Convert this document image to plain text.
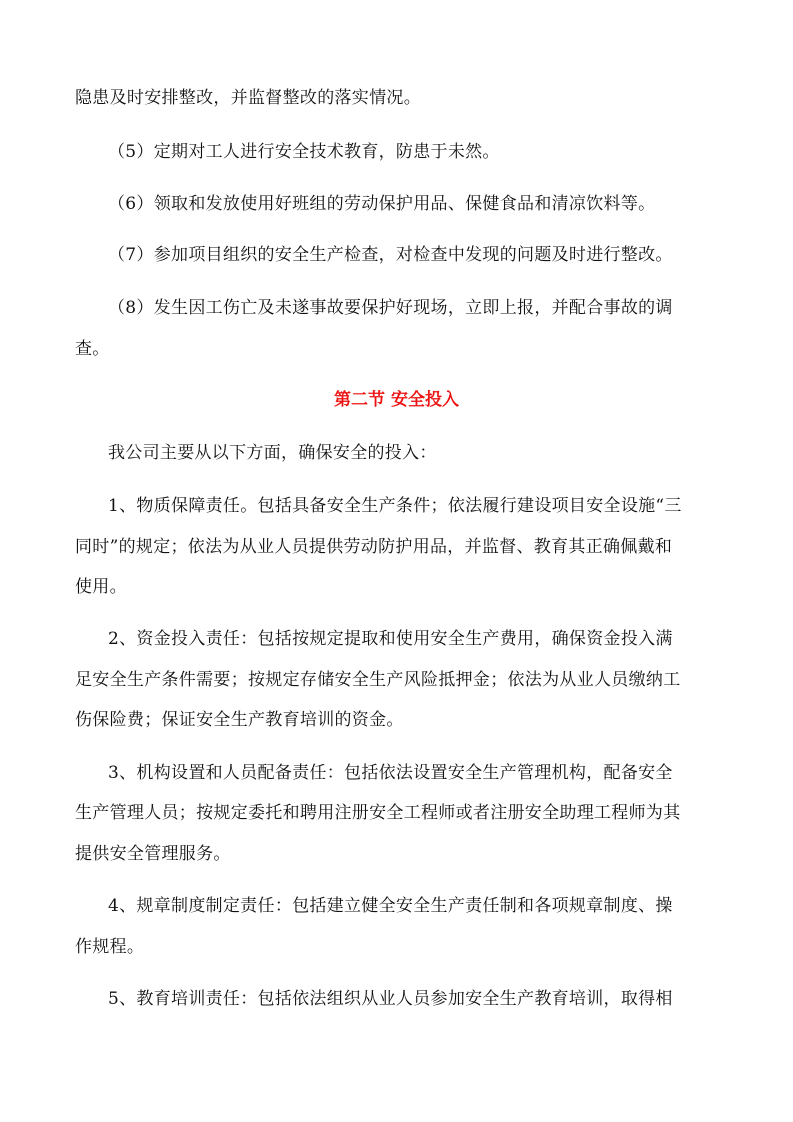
隐患及时安排整改，并监督整改的落实情况。
（5）定期对工人进行安全技术教育，防患于未然。
（6）领取和发放使用好班组的劳动保护用品、保健食品和清凉饮料等。
（7）参加项目组织的安全生产检查，对检查中发现的问题及时进行整改。
（8）发生因工伤亡及未遂事故要保护好现场，立即上报，并配合事故的调
查。
第二节 安全投入
我公司主要从以下方面，确保安全的投入：
1、物质保障责任。包括具备安全生产条件；依法履行建设项目安全设施“三
同时”的规定；依法为从业人员提供劳动防护用品，并监督、教育其正确佩戴和
使用。
2、资金投入责任：包括按规定提取和使用安全生产费用，确保资金投入满
足安全生产条件需要；按规定存储安全生产风险抵押金；依法为从业人员缴纳工
伤保险费；保证安全生产教育培训的资金。
3、机构设置和人员配备责任：包括依法设置安全生产管理机构，配备安全
生产管理人员；按规定委托和聘用注册安全工程师或者注册安全助理工程师为其
提供安全管理服务。
4、规章制度制定责任：包括建立健全安全生产责任制和各项规章制度、操
作规程。
5、教育培训责任：包括依法组织从业人员参加安全生产教育培训，取得相
